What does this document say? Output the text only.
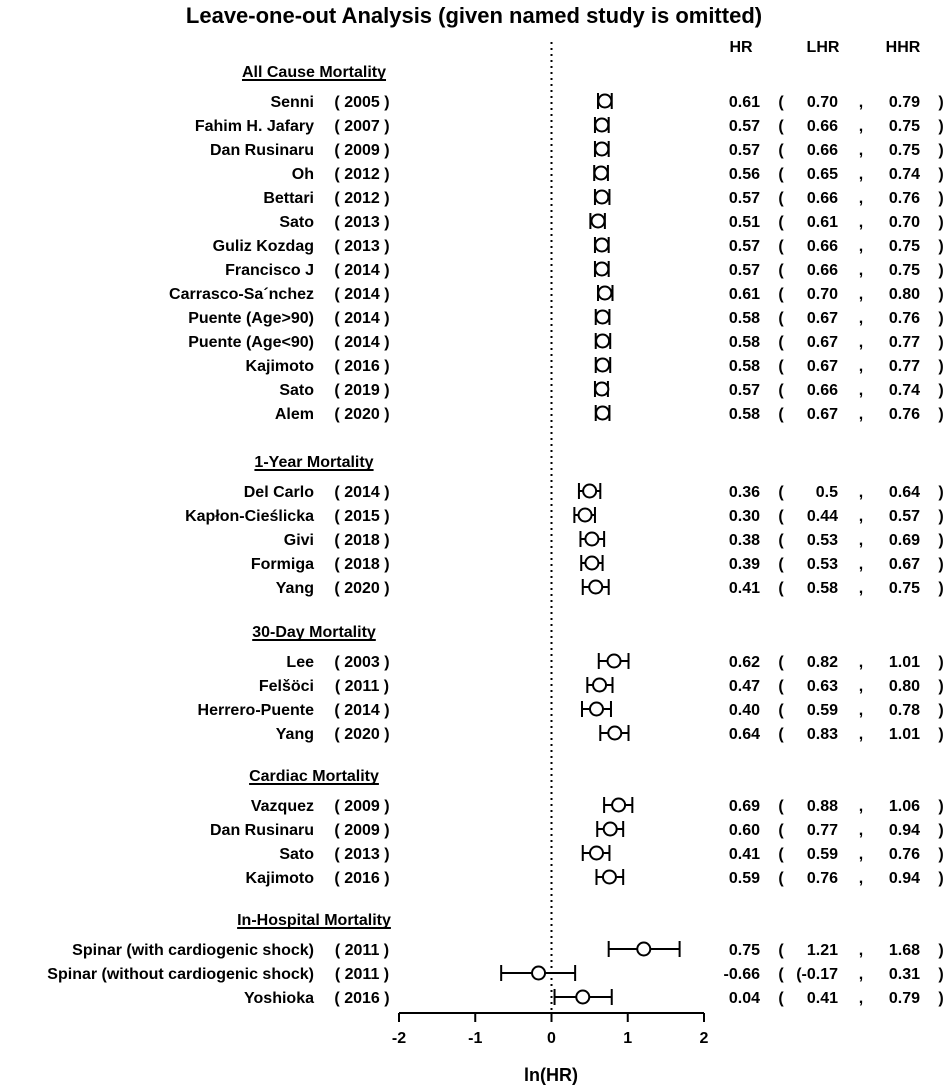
Leave-one-out Analysis (given named study is omitted)
HR	LHR	HHR
All Cause Mortality
Senni ( 2005 )	0.61 ( 0.70 , 0.79 )
Fahim H. Jafary ( 2007 )	0.57 ( 0.66 , 0.75 )
Dan Rusinaru ( 2009 )	0.57 ( 0.66 , 0.75 )
Oh ( 2012 )	0.56 ( 0.65 , 0.74 )
Bettari ( 2012 )	0.57 ( 0.66 , 0.76 )
Sato ( 2013 )	0.51 ( 0.61 , 0.70 )
Guliz Kozdag ( 2013 )	0.57 ( 0.66 , 0.75 )
Francisco J ( 2014 )	0.57 ( 0.66 , 0.75 )
Carrasco-Sa´nchez ( 2014 )	0.61 ( 0.70 , 0.80 )
Puente (Age>90) ( 2014 )	0.58 ( 0.67 , 0.76 )
Puente (Age<90) ( 2014 )	0.58 ( 0.67 , 0.77 )
Kajimoto ( 2016 )	0.58 ( 0.67 , 0.77 )
Sato ( 2019 )	0.57 ( 0.66 , 0.74 )
Alem ( 2020 )	0.58 ( 0.67 , 0.76 )
1-Year Mortality
Del Carlo ( 2014 )	0.36 ( 0.5 , 0.64 )
Kapłon-Cieślicka ( 2015 )	0.30 ( 0.44 , 0.57 )
Givi ( 2018 )	0.38 ( 0.53 , 0.69 )
Formiga ( 2018 )	0.39 ( 0.53 , 0.67 )
Yang ( 2020 )	0.41 ( 0.58 , 0.75 )
30-Day Mortality
Lee ( 2003 )	0.62 ( 0.82 , 1.01 )
Felšöci ( 2011 )	0.47 ( 0.63 , 0.80 )
Herrero-Puente ( 2014 )	0.40 ( 0.59 , 0.78 )
Yang ( 2020 )	0.64 ( 0.83 , 1.01 )
Cardiac Mortality
Vazquez ( 2009 )	0.69 ( 0.88 , 1.06 )
Dan Rusinaru ( 2009 )	0.60 ( 0.77 , 0.94 )
Sato ( 2013 )	0.41 ( 0.59 , 0.76 )
Kajimoto ( 2016 )	0.59 ( 0.76 , 0.94 )
In-Hospital Mortality
Spinar (with cardiogenic shock) ( 2011 )	0.75 ( 1.21 , 1.68 )
Spinar (without cardiogenic shock) ( 2011 )	-0.66 ( (-0.17 , 0.31 )
Yoshioka ( 2016 )	0.04 ( 0.41 , 0.79 )
ln(HR)
-2	-1	0	1	2
